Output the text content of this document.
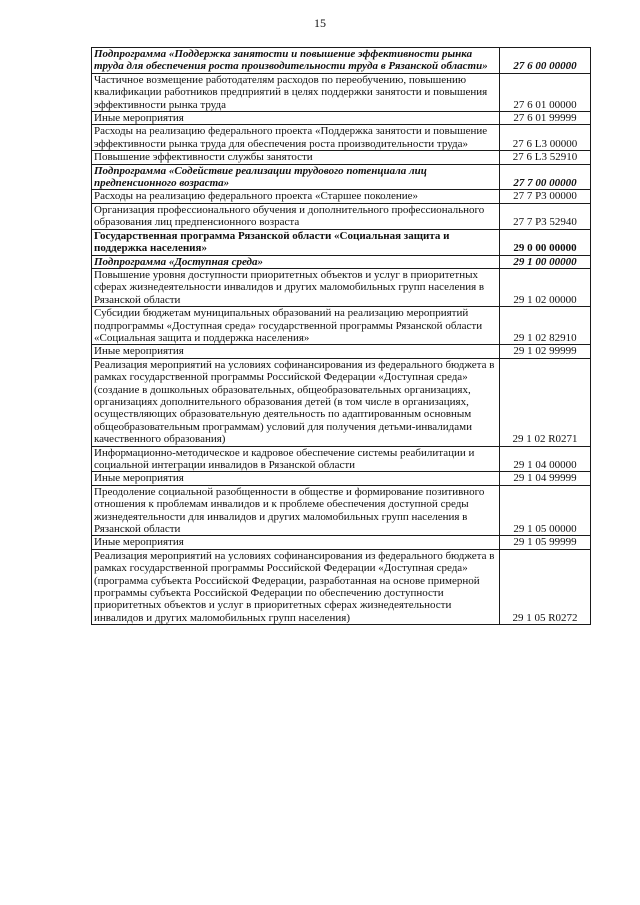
15
Подпрограмма «Поддержка занятости и повышение эффективности рынка труда для обеспечения роста производительности труда в Рязанской области»	27 6 00 00000
Частичное возмещение работодателям расходов по переобучению, повышению квалификации работников предприятий в целях поддержки занятости и повышения эффективности рынка труда	27 6 01 00000
Иные мероприятия	27 6 01 99999
Расходы на реализацию федерального проекта «Поддержка занятости и повышение эффективности рынка труда для обеспечения роста производительности труда»	27 6 L3 00000
Повышение эффективности службы занятости	27 6 L3 52910
Подпрограмма «Содействие реализации трудового потенциала лиц предпенсионного возраста»	27 7 00 00000
Расходы на реализацию федерального проекта «Старшее поколение»	27 7 P3 00000
Организация профессионального обучения и дополнительного профессионального образования лиц предпенсионного возраста	27 7 P3 52940
Государственная программа Рязанской области «Социальная защита и поддержка населения»	29 0 00 00000
Подпрограмма «Доступная среда»	29 1 00 00000
Повышение уровня доступности приоритетных объектов и услуг в приоритетных сферах жизнедеятельности инвалидов и других маломобильных групп населения в Рязанской области	29 1 02 00000
Субсидии бюджетам муниципальных образований на реализацию мероприятий подпрограммы «Доступная среда» государственной программы Рязанской области «Социальная защита и поддержка населения»	29 1 02 82910
Иные мероприятия	29 1 02 99999
Реализация мероприятий на условиях софинансирования из федерального бюджета в рамках государственной программы Российской Федерации «Доступная среда» (создание в дошкольных образовательных, общеобразовательных организациях, организациях дополнительного образования детей (в том числе в организациях, осуществляющих образовательную деятельность по адаптированным основным общеобразовательным программам) условий для получения детьми-инвалидами качественного образования)	29 1 02 R0271
Информационно-методическое и кадровое обеспечение системы реабилитации и социальной интеграции инвалидов в Рязанской области	29 1 04 00000
Иные мероприятия	29 1 04 99999
Преодоление социальной разобщенности в обществе и формирование позитивного отношения к проблемам инвалидов и к проблеме обеспечения доступной среды жизнедеятельности для инвалидов и других маломобильных групп населения в Рязанской области	29 1 05 00000
Иные мероприятия	29 1 05 99999
Реализация мероприятий на условиях софинансирования из федерального бюджета в рамках государственной программы Российской Федерации «Доступная среда» (программа субъекта Российской Федерации, разработанная на основе примерной программы субъекта Российской Федерации по обеспечению доступности приоритетных объектов и услуг в приоритетных сферах жизнедеятельности инвалидов и других маломобильных групп населения)	29 1 05 R0272
